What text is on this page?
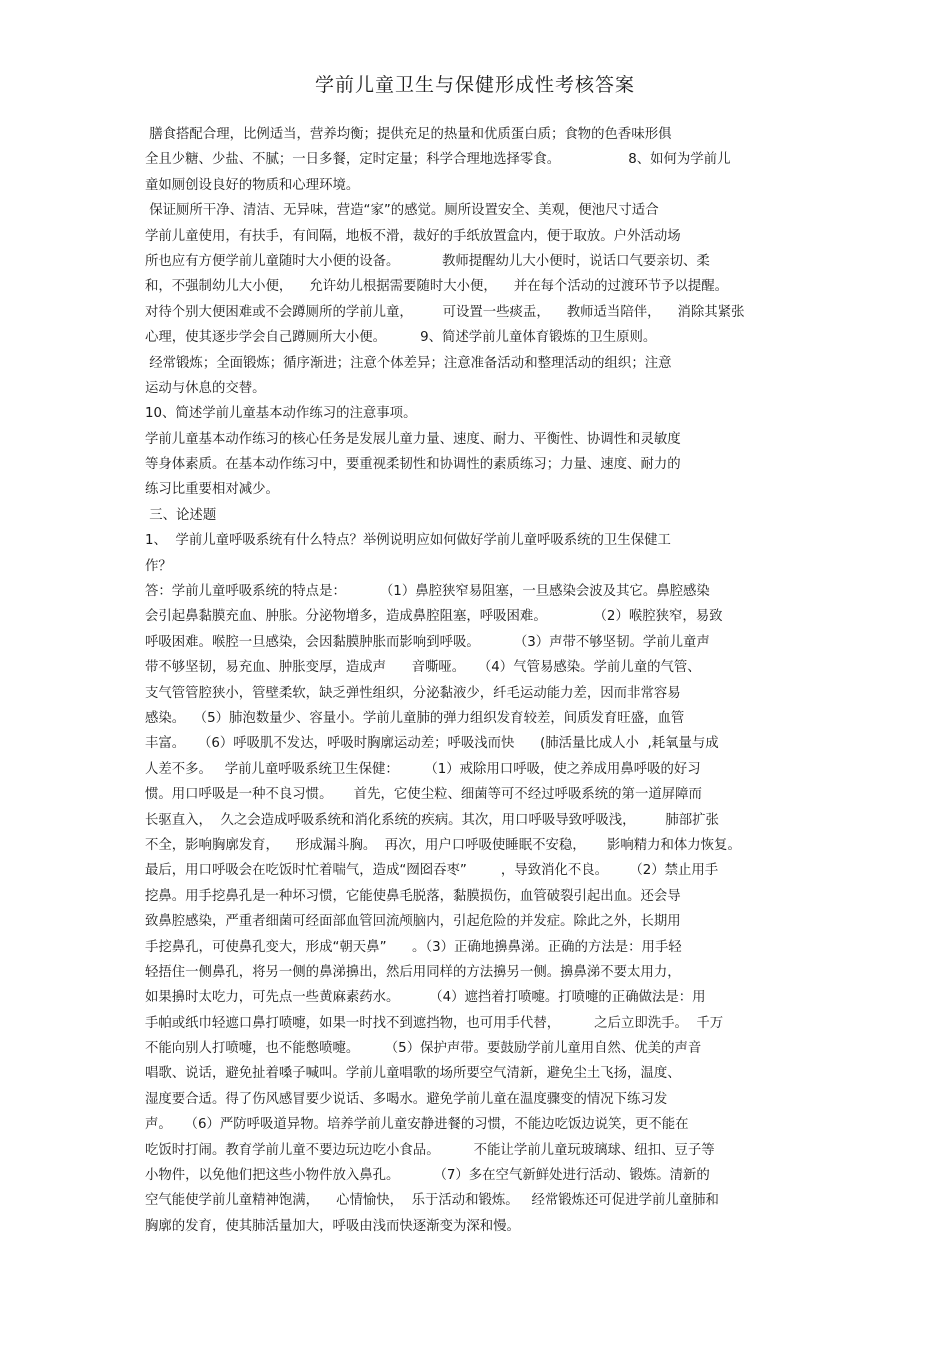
学前儿童卫生与保健形成性考核答案
膳食搭配合理，比例适当，营养均衡；提供充足的热量和优质蛋白质；食物的色香味形俱
全且少糖、少盐、不腻；一日多餐，定时定量；科学合理地选择零食。                8、如何为学前儿
童如厕创设良好的物质和心理环境。
保证厕所干净、清洁、无异味，营造“家”的感觉。厕所设置安全、美观，便池尺寸适合
学前儿童使用，有扶手，有间隔，地板不滑，裁好的手纸放置盒内，便于取放。户外活动场
所也应有方便学前儿童随时大小便的设备。          教师提醒幼儿大小便时，说话口气要亲切、柔
和，不强制幼儿大小便，    允许幼儿根据需要随时大小便，    并在每个活动的过渡环节予以提醒。
对待个别大便困难或不会蹲厕所的学前儿童，       可设置一些痰盂，    教师适当陪伴，    消除其紧张
心理，使其逐步学会自己蹲厕所大小便。        9、简述学前儿童体育锻炼的卫生原则。
经常锻炼；全面锻炼；循序渐进；注意个体差异；注意准备活动和整理活动的组织；注意
运动与休息的交替。
10、简述学前儿童基本动作练习的注意事项。
学前儿童基本动作练习的核心任务是发展儿童力量、速度、耐力、平衡性、协调性和灵敏度
等身体素质。在基本动作练习中，要重视柔韧性和协调性的素质练习；力量、速度、耐力的
练习比重要相对减少。
三、论述题
1、  学前儿童呼吸系统有什么特点？举例说明应如何做好学前儿童呼吸系统的卫生保健工
作？
答：学前儿童呼吸系统的特点是：        （1）鼻腔狭窄易阻塞，一旦感染会波及其它。鼻腔感染
会引起鼻黏膜充血、肿胀。分泌物增多，造成鼻腔阻塞，呼吸困难。           （2）喉腔狭窄，易致
呼吸困难。喉腔一旦感染，会因黏膜肿胀而影响到呼吸。        （3）声带不够坚韧。学前儿童声
带不够坚韧，易充血、肿胀变厚，造成声      音嘶哑。   （4）气管易感染。学前儿童的气管、
支气管管腔狭小，管壁柔软，缺乏弹性组织，分泌黏液少，纤毛运动能力差，因而非常容易
感染。  （5）肺泡数量少、容量小。学前儿童肺的弹力组织发育较差，间质发育旺盛，血管
丰富。   （6）呼吸肌不发达，呼吸时胸廓运动差；呼吸浅而快      (肺活量比成人小  ,耗氧量与成
人差不多。   学前儿童呼吸系统卫生保健：      （1）戒除用口呼吸，使之养成用鼻呼吸的好习
惯。用口呼吸是一种不良习惯。     首先，它使尘粒、细菌等可不经过呼吸系统的第一道屏障而
长驱直入，  久之会造成呼吸系统和消化系统的疾病。其次，用口呼吸导致呼吸浅，       肺部扩张
不全，影响胸廓发育，    形成漏斗胸。  再次，用户口呼吸使睡眠不安稳，     影响精力和体力恢复。
最后，用口呼吸会在吃饭时忙着喘气，造成“囫囵吞枣”        ，导致消化不良。     （2）禁止用手
挖鼻。用手挖鼻孔是一种坏习惯，它能使鼻毛脱落，黏膜损伤，血管破裂引起出血。还会导
致鼻腔感染，严重者细菌可经面部血管回流颅脑内，引起危险的并发症。除此之外，长期用
手挖鼻孔，可使鼻孔变大，形成“朝天鼻”      。（3）正确地擤鼻涕。正确的方法是：用手轻
轻捂住一侧鼻孔，将另一侧的鼻涕擤出，然后用同样的方法擤另一侧。擤鼻涕不要太用力，
如果擤时太吃力，可先点一些黄麻素药水。       （4）遮挡着打喷嚏。打喷嚏的正确做法是：用
手帕或纸巾轻遮口鼻打喷嚏，如果一时找不到遮挡物，也可用手代替，        之后立即洗手。  千万
不能向别人打喷嚏，也不能憋喷嚏。      （5）保护声带。要鼓励学前儿童用自然、优美的声音
唱歌、说话，避免扯着嗓子喊叫。学前儿童唱歌的场所要空气清新，避免尘土飞扬，温度、
湿度要合适。得了伤风感冒要少说话、多喝水。避免学前儿童在温度骤变的情况下练习发
声。   （6）严防呼吸道异物。培养学前儿童安静进餐的习惯，不能边吃饭边说笑，更不能在
吃饭时打闹。教育学前儿童不要边玩边吃小食品。        不能让学前儿童玩玻璃球、纽扣、豆子等
小物件，以免他们把这些小物件放入鼻孔。        （7）多在空气新鲜处进行活动、锻炼。清新的
空气能使学前儿童精神饱满，    心情愉快，  乐于活动和锻炼。   经常锻炼还可促进学前儿童肺和
胸廓的发育，使其肺活量加大，呼吸由浅而快逐渐变为深和慢。
